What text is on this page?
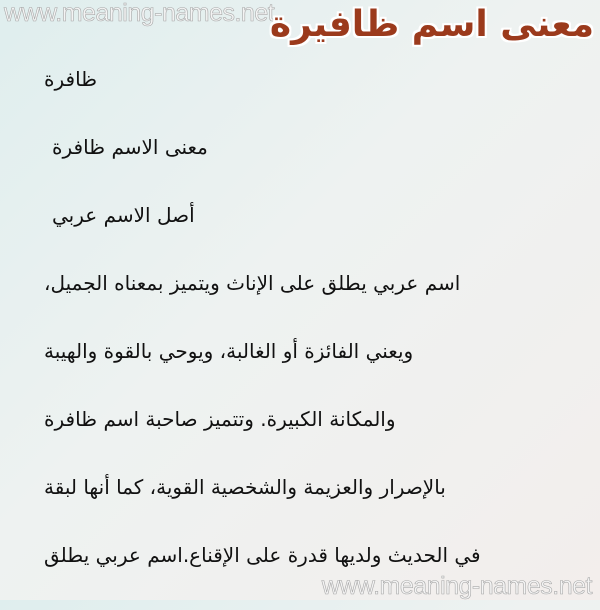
www.meaning-names.net
معنى اسم ظافيرة
ظافرة
معنى الاسم ظافرة
أصل الاسم عربي
اسم عربي يطلق على الإناث ويتميز بمعناه الجميل،
ويعني الفائزة أو الغالبة، ويوحي بالقوة والهيبة
والمكانة الكبيرة. وتتميز صاحبة اسم ظافرة
بالإصرار والعزيمة والشخصية القوية، كما أنها لبقة
في الحديث ولديها قدرة على الإقناع.اسم عربي يطلق
www.meaning-names.net
